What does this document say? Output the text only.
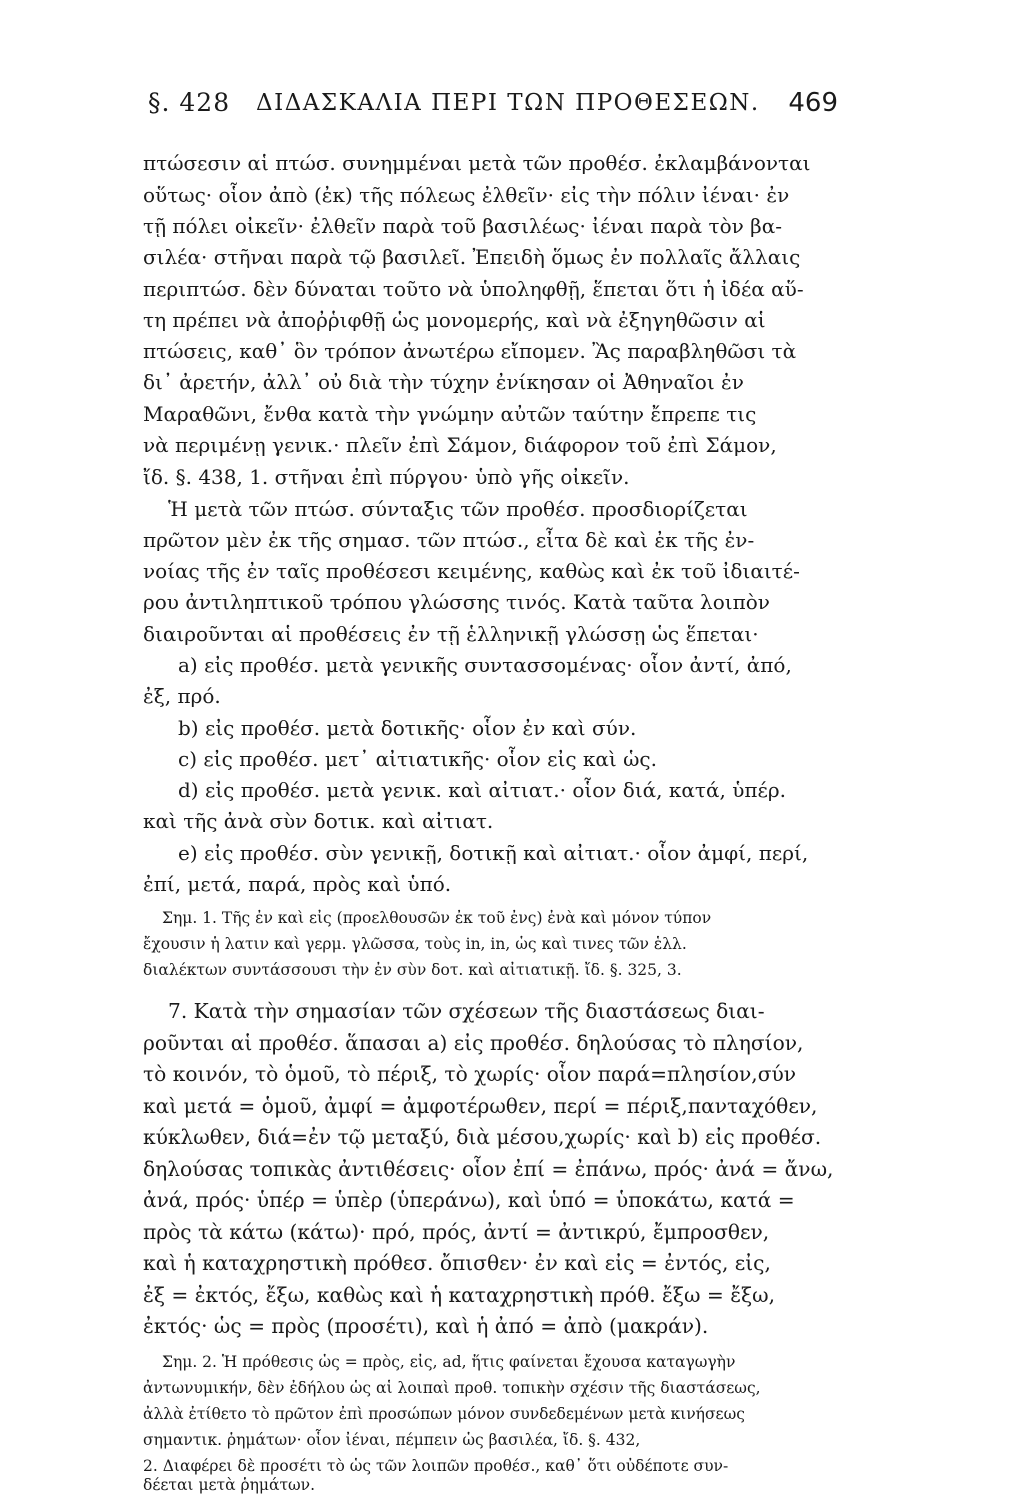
§. 428 ΔΙΔΑΣΚΑΛΙΑ ΠΕΡΙ ΤΩΝ ΠΡΟΘΕΣΕΩΝ. 469
πτώσεσιν αἱ πτώσ. συνημμέναι μετὰ τῶν προθέσ. ἐκλαμβάνονται
οὕτως· οἷον ἀπὸ (ἐκ) τῆς πόλεως ἐλθεῖν· εἰς τὴν πόλιν ἰέναι· ἐν
τῇ πόλει οἰκεῖν· ἐλθεῖν παρὰ τοῦ βασιλέως· ἰέναι παρὰ τὸν βα-
σιλέα· στῆναι παρὰ τῷ βασιλεῖ. Ἐπειδὴ ὅμως ἐν πολλαῖς ἄλλαις
περιπτώσ. δὲν δύναται τοῦτο νὰ ὑποληφθῇ, ἕπεται ὅτι ἡ ἰδέα αὕ-
τη πρέπει νὰ ἀποῤῥιφθῇ ὡς μονομερής, καὶ νὰ ἐξηγηθῶσιν αἱ
πτώσεις, καθ᾽ ὃν τρόπον ἀνωτέρω εἴπομεν. Ἂς παραβληθῶσι τὰ
δι᾽ ἀρετήν, ἀλλ᾽ οὐ διὰ τὴν τύχην ἐνίκησαν οἱ Ἀθηναῖοι ἐν
Μαραθῶνι, ἔνθα κατὰ τὴν γνώμην αὐτῶν ταύτην ἔπρεπε τις
νὰ περιμένῃ γενικ.· πλεῖν ἐπὶ Σάμον, διάφορον τοῦ ἐπὶ Σάμον,
ἴδ. §. 438, 1. στῆναι ἐπὶ πύργου· ὑπὸ γῆς οἰκεῖν.
Ἡ μετὰ τῶν πτώσ. σύνταξις τῶν προθέσ. προσδιορίζεται
πρῶτον μὲν ἐκ τῆς σημασ. τῶν πτώσ., εἶτα δὲ καὶ ἐκ τῆς ἐν-
νοίας τῆς ἐν ταῖς προθέσεσι κειμένης, καθὼς καὶ ἐκ τοῦ ἰδιαιτέ-
ρου ἀντιληπτικοῦ τρόπου γλώσσης τινός. Κατὰ ταῦτα λοιπὸν
διαιροῦνται αἱ προθέσεις ἐν τῇ ἑλληνικῇ γλώσσῃ ὡς ἕπεται·
a) εἰς προθέσ. μετὰ γενικῆς συντασσομένας· οἷον ἀντί, ἀπό,
ἐξ, πρό.
b) εἰς προθέσ. μετὰ δοτικῆς· οἷον ἐν καὶ σύν.
c) εἰς προθέσ. μετ᾽ αἰτιατικῆς· οἷον εἰς καὶ ὡς.
d) εἰς προθέσ. μετὰ γενικ. καὶ αἰτιατ.· οἷον διά, κατά, ὑπέρ.
καὶ τῆς ἀνὰ σὺν δοτικ. καὶ αἰτιατ.
e) εἰς προθέσ. σὺν γενικῇ, δοτικῇ καὶ αἰτιατ.· οἷον ἀμφί, περί,
ἐπί, μετά, παρά, πρὸς καὶ ὑπό.
Σημ. 1. Τῆς ἐν καὶ εἰς (προελθουσῶν ἐκ τοῦ ἐνς) ἐνὰ καὶ μόνον τύπον
ἔχουσιν ἡ λατιν καὶ γερμ. γλῶσσα, τοὺς in, in, ὡς καὶ τινες τῶν ἑλλ.
διαλέκτων συντάσσουσι τὴν ἐν σὺν δοτ. καὶ αἰτιατικῇ. ἴδ. §. 325, 3.
7. Κατὰ τὴν σημασίαν τῶν σχέσεων τῆς διαστάσεως διαι-
ροῦνται αἱ προθέσ. ἅπασαι a) εἰς προθέσ. δηλούσας τὸ πλησίον,
τὸ κοινόν, τὸ ὁμοῦ, τὸ πέριξ, τὸ χωρίς· οἷον παρά=πλησίον,σύν
καὶ μετά = ὁμοῦ, ἀμφί = ἀμφοτέρωθεν, περί = πέριξ,πανταχόθεν,
κύκλωθεν, διά=ἐν τῷ μεταξύ, διὰ μέσου,χωρίς· καὶ b) εἰς προθέσ.
δηλούσας τοπικὰς ἀντιθέσεις· οἷον ἐπί = ἐπάνω, πρός· ἀνά = ἄνω,
ἀνά, πρός· ὑπέρ = ὑπὲρ (ὑπεράνω), καὶ ὑπό = ὑποκάτω, κατά =
πρὸς τὰ κάτω (κάτω)· πρό, πρός, ἀντί = ἀντικρύ, ἔμπροσθεν,
καὶ ἡ καταχρηστικὴ πρόθεσ. ὄπισθεν· ἐν καὶ εἰς = ἐντός, εἰς,
ἐξ = ἐκτός, ἔξω, καθὼς καὶ ἡ καταχρηστικὴ πρόθ. ἔξω = ἔξω,
ἐκτός· ὡς = πρὸς (προσέτι), καὶ ἡ ἀπό = ἀπὸ (μακράν).
Σημ. 2. Ἡ πρόθεσις ὡς = πρὸς, εἰς, ad, ἥτις φαίνεται ἔχουσα καταγωγὴν
ἀντωνυμικήν, δὲν ἐδήλου ὡς αἱ λοιπαὶ προθ. τοπικὴν σχέσιν τῆς διαστάσεως,
ἀλλὰ ἐτίθετο τὸ πρῶτον ἐπὶ προσώπων μόνον συνδεδεμένων μετὰ κινήσεως
σημαντικ. ῥημάτων· οἷον ἰέναι, πέμπειν ὡς βασιλέα, ἴδ. §. 432,
2. Διαφέρει δὲ προσέτι τὸ ὡς τῶν λοιπῶν προθέσ., καθ᾽ ὅτι οὐδέποτε συν-
δέεται μετὰ ῥημάτων.
